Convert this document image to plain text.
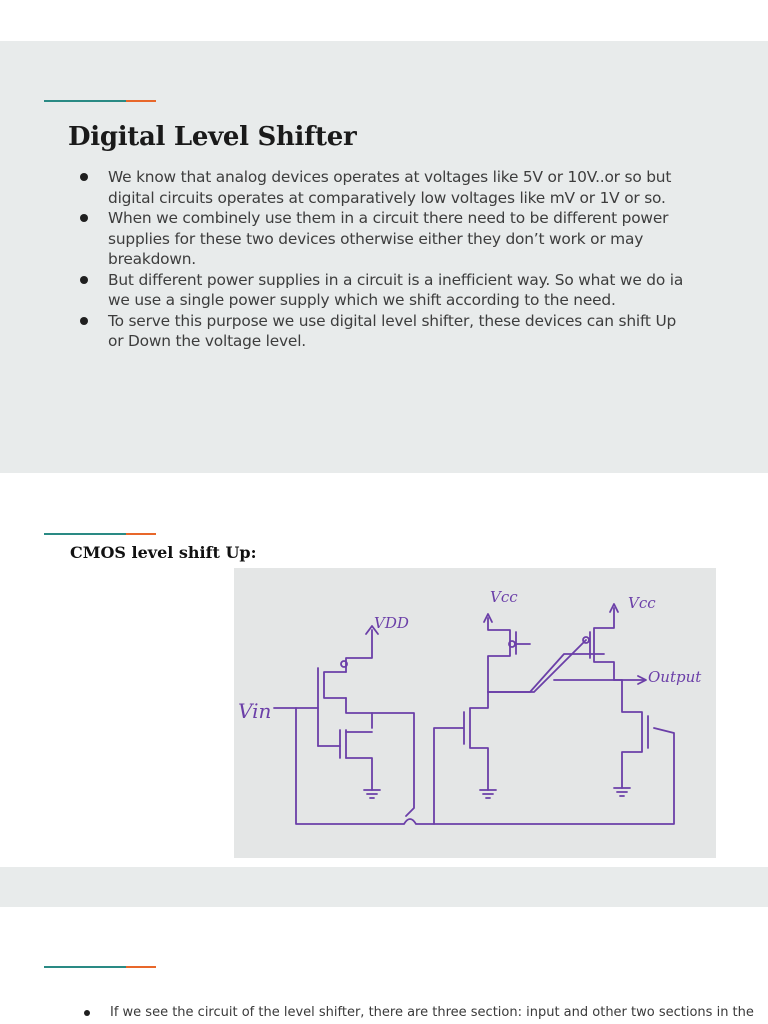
Digital Level Shifter
We know that analog devices operates at voltages like 5V or 10V..or so but digital circuits operates at comparatively low voltages like mV or 1V or so.
When we combinely use them in a circuit there need to be different power supplies for these two devices otherwise either they don’t work or may breakdown.
But different power supplies in a circuit is a inefficient way. So what we do ia we use a single power supply which we shift according to the need.
To serve this purpose we use digital level shifter, these devices can shift Up or Down the voltage level.
CMOS level shift Up:
Vin
VDD
Vcc	Vcc
Output
If we see the circuit of the level shifter, there are three section: input and other two sections in the
